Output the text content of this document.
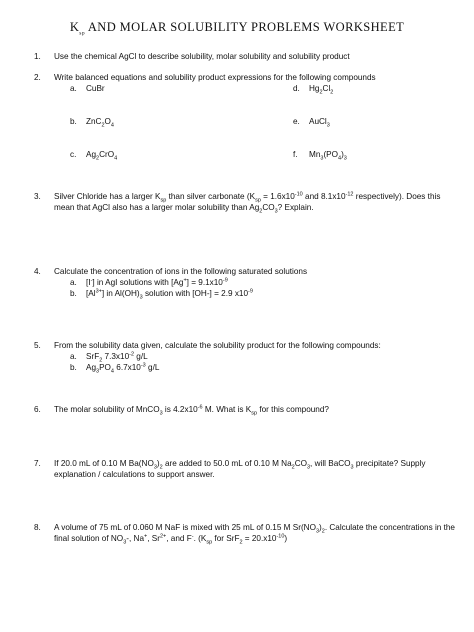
$K_{sp}$ AND MOLAR SOLUBILITY PROBLEMS WORKSHEET
1.	Use the chemical AgCl to describe solubility, molar solubility and solubility product
2.	Write balanced equations and solubility product expressions for the following compounds
a. CuBr
b. $ZnC_2O_4$
c. $Ag_2CrO_4$
d. $Hg_2Cl_2$
e. AuCl$_3$
f. $Mn_3(PO_4)_3$
3.	Silver Chloride has a larger $K_{sp}$ than silver carbonate ($K_{sp} = 1.6x10^{-10}$ and $8.1x10^{-12}$ respectively). Does this mean that AgCl also has a larger molar solubility than $Ag_2CO_3$? Explain.
4.	Calculate the concentration of ions in the following saturated solutions
a. [I-] in AgI solutions with $[Ag^+] = 9.1x10^{-9}$
b. $[Al^{3+}]$ in $Al(OH)_3$ solution with [OH-] = 2.9 $x10^{-9}$
5.	From the solubility data given, calculate the solubility product for the following compounds:
a. SrF$_2$ $7.3x10^{-2}$ g/L
b. $Ag_3PO_4$ $6.7x10^{-3}$ g/L
6.	The molar solubility of MnCO$_3$ is $4.2x10^{-6}$ M. What is $K_{sp}$ for this compound?
7.	If 20.0 mL of 0.10 M $Ba(NO_3)_2$ are added to 50.0 mL of 0.10 M $Na_2CO_3$, will BaCO$_3$ precipitate? Supply explanation / calculations to support answer.
8.	A volume of 75 mL of 0.060 M NaF is mixed with 25 mL of 0.15 M $Sr(NO_3)_2$. Calculate the concentrations in the final solution of $NO_3-$, Na+, $Sr^{2+}$, and F-. ($K_{sp}$ for $SrF_2 = 20.x10^{-10}$)
